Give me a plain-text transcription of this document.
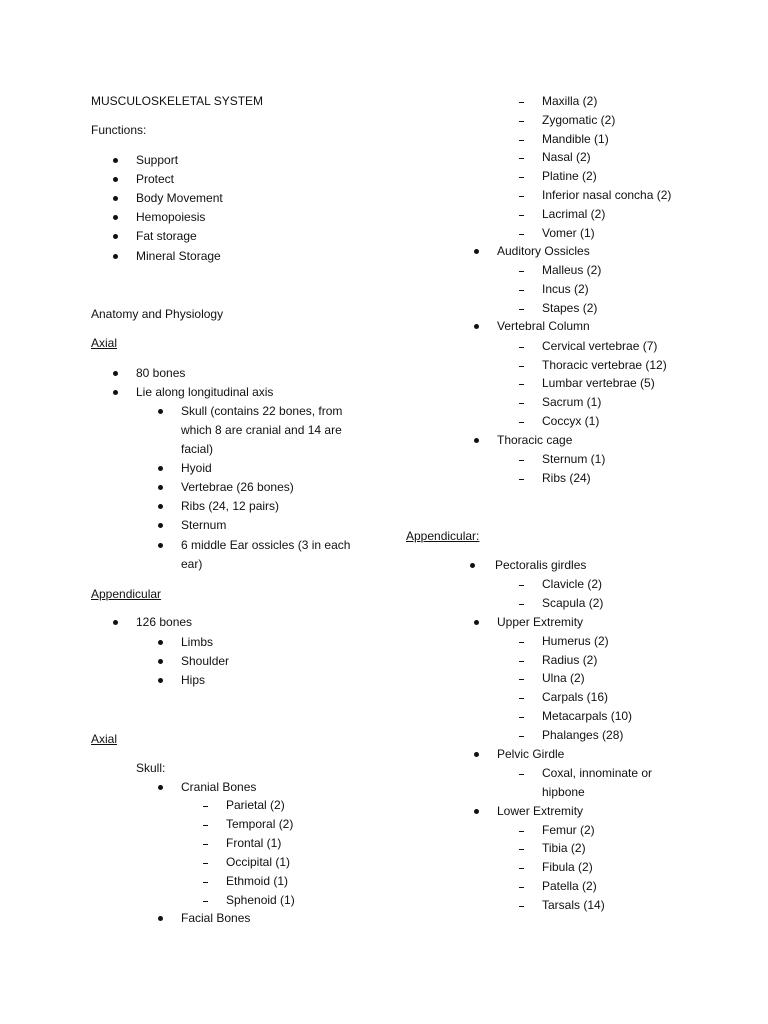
MUSCULOSKELETAL SYSTEM
Functions:
Support
Protect
Body Movement
Hemopoiesis
Fat storage
Mineral Storage
Anatomy and Physiology
Axial
80 bones
Lie along longitudinal axis
Skull (contains 22 bones, from
which 8 are cranial and 14 are
facial)
Hyoid
Vertebrae (26 bones)
Ribs (24, 12 pairs)
Sternum
6 middle Ear ossicles (3 in each
ear)
Appendicular
126 bones
Limbs
Shoulder
Hips
Axial
Skull:
Cranial Bones
Parietal (2)
Temporal (2)
Frontal (1)
Occipital (1)
Ethmoid (1)
Sphenoid (1)
Facial Bones
Maxilla (2)
Zygomatic (2)
Mandible (1)
Nasal (2)
Platine (2)
Inferior nasal concha (2)
Lacrimal (2)
Vomer (1)
Auditory Ossicles
Malleus (2)
Incus (2)
Stapes (2)
Vertebral Column
Cervical vertebrae (7)
Thoracic vertebrae (12)
Lumbar vertebrae (5)
Sacrum (1)
Coccyx (1)
Thoracic cage
Sternum (1)
Ribs (24)
Appendicular:
Pectoralis girdles
Clavicle (2)
Scapula (2)
Upper Extremity
Humerus (2)
Radius (2)
Ulna (2)
Carpals (16)
Metacarpals (10)
Phalanges (28)
Pelvic Girdle
Coxal, innominate or
hipbone
Lower Extremity
Femur (2)
Tibia (2)
Fibula (2)
Patella (2)
Tarsals (14)
